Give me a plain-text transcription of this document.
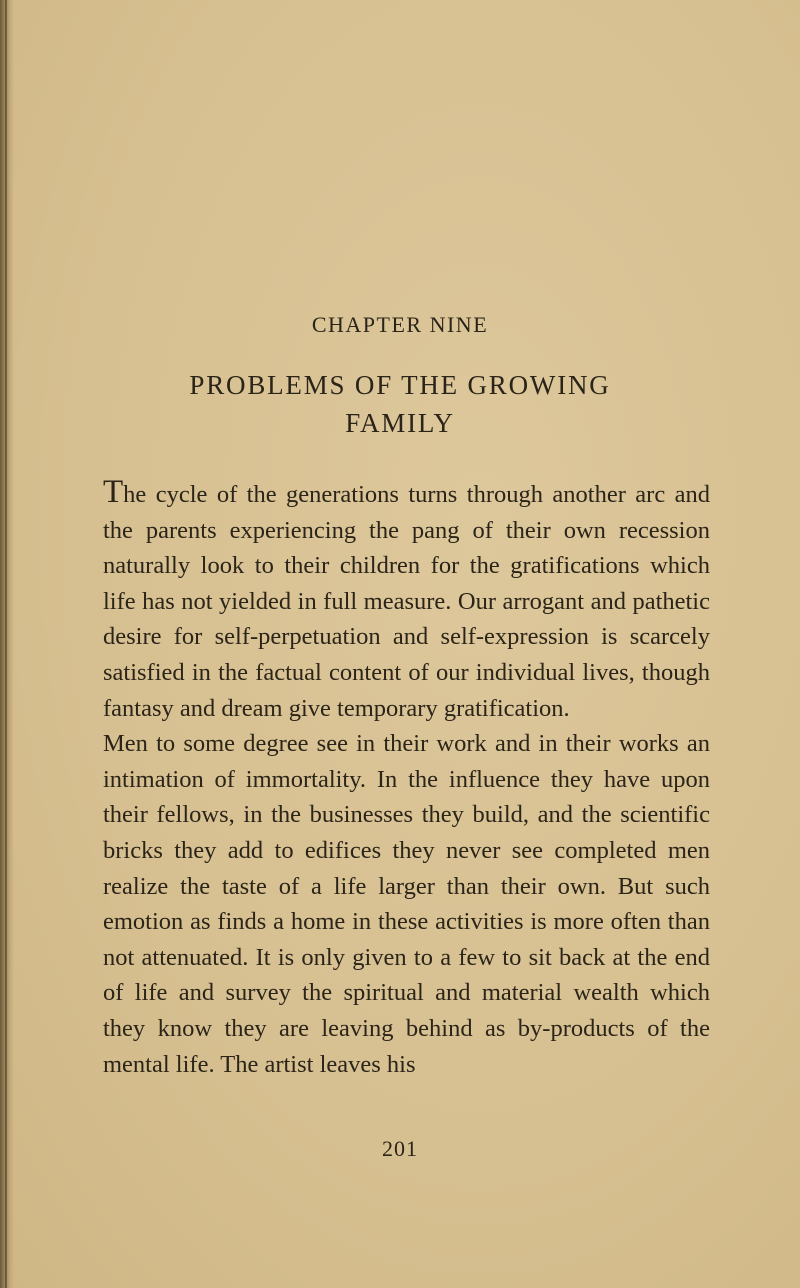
CHAPTER NINE
PROBLEMS OF THE GROWING
FAMILY

The cycle of the generations turns through another arc and the parents experiencing the pang of their own recession naturally look to their children for the gratifications which life has not yielded in full measure. Our arrogant and pathetic desire for self-perpetuation and self-expression is scarcely satisfied in the factual content of our individual lives, though fantasy and dream give temporary gratification.

Men to some degree see in their work and in their works an intimation of immortality. In the influence they have upon their fellows, in the businesses they build, and the scientific bricks they add to edifices they never see completed men realize the taste of a life larger than their own. But such emotion as finds a home in these activities is more often than not attenuated. It is only given to a few to sit back at the end of life and survey the spiritual and material wealth which they know they are leaving behind as by-products of the mental life. The artist leaves his

201
